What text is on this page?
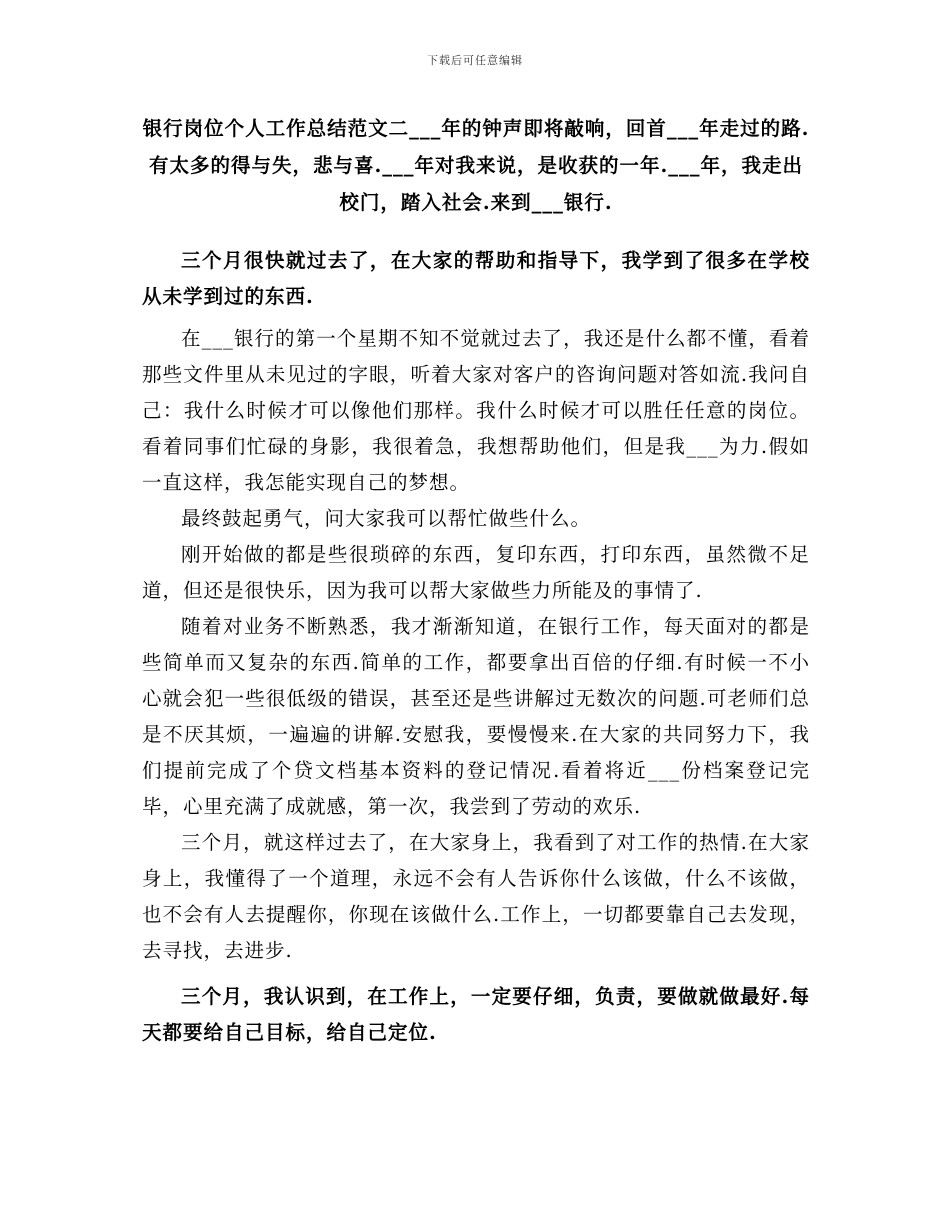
下载后可任意编辑

银行岗位个人工作总结范文二___年的钟声即将敲响，回首___年走过的路.有太多的得与失，悲与喜.___年对我来说，是收获的一年.___年，我走出校门，踏入社会.来到___银行.

三个月很快就过去了，在大家的帮助和指导下，我学到了很多在学校从未学到过的东西.

在___银行的第一个星期不知不觉就过去了，我还是什么都不懂，看着那些文件里从未见过的字眼，听着大家对客户的咨询问题对答如流.我问自己：我什么时候才可以像他们那样。我什么时候才可以胜任任意的岗位。看着同事们忙碌的身影，我很着急，我想帮助他们，但是我___为力.假如一直这样，我怎能实现自己的梦想。

最终鼓起勇气，问大家我可以帮忙做些什么。

刚开始做的都是些很琐碎的东西，复印东西，打印东西，虽然微不足道，但还是很快乐，因为我可以帮大家做些力所能及的事情了.

随着对业务不断熟悉，我才渐渐知道，在银行工作，每天面对的都是些简单而又复杂的东西.简单的工作，都要拿出百倍的仔细.有时候一不小心就会犯一些很低级的错误，甚至还是些讲解过无数次的问题.可老师们总是不厌其烦，一遍遍的讲解.安慰我，要慢慢来.在大家的共同努力下，我们提前完成了个贷文档基本资料的登记情况.看着将近___份档案登记完毕，心里充满了成就感，第一次，我尝到了劳动的欢乐.

三个月，就这样过去了，在大家身上，我看到了对工作的热情.在大家身上，我懂得了一个道理，永远不会有人告诉你什么该做，什么不该做，也不会有人去提醒你，你现在该做什么.工作上，一切都要靠自己去发现，去寻找，去进步.

三个月，我认识到，在工作上，一定要仔细，负责，要做就做最好.每天都要给自己目标，给自己定位.
